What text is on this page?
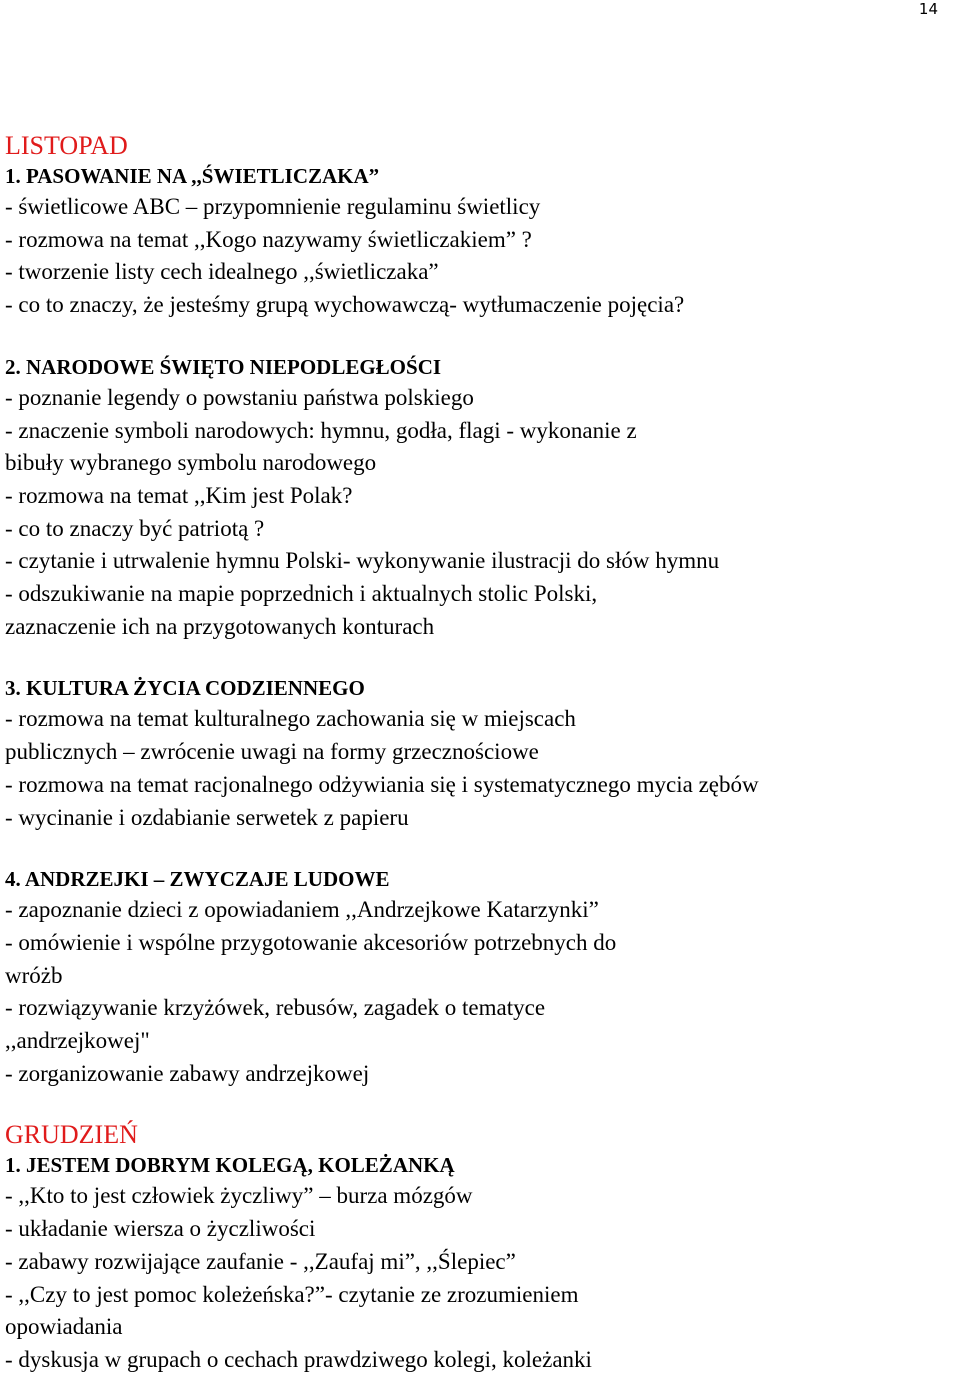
14
LISTOPAD
1. PASOWANIE NA ,,ŚWIETLICZAKA”
- świetlicowe ABC – przypomnienie regulaminu świetlicy
- rozmowa na temat ,,Kogo nazywamy świetliczakiem” ?
- tworzenie listy cech idealnego ,,świetliczaka”
- co to znaczy, że jesteśmy grupą wychowawczą- wytłumaczenie pojęcia?
2. NARODOWE ŚWIĘTO NIEPODLEGŁOŚCI
- poznanie legendy o powstaniu państwa polskiego
- znaczenie symboli narodowych: hymnu, godła, flagi - wykonanie z
bibuły wybranego symbolu narodowego
- rozmowa na temat ,,Kim jest Polak?
- co to znaczy być patriotą ?
- czytanie i utrwalenie hymnu Polski- wykonywanie ilustracji do słów hymnu
- odszukiwanie na mapie poprzednich i aktualnych stolic Polski,
zaznaczenie ich na przygotowanych konturach
3. KULTURA ŻYCIA CODZIENNEGO
- rozmowa na temat kulturalnego zachowania się w miejscach
publicznych – zwrócenie uwagi na formy grzecznościowe
- rozmowa na temat racjonalnego odżywiania się i systematycznego mycia zębów
- wycinanie i ozdabianie serwetek z papieru
4. ANDRZEJKI – ZWYCZAJE LUDOWE
- zapoznanie dzieci z opowiadaniem ,,Andrzejkowe Katarzynki”
- omówienie i wspólne przygotowanie akcesoriów potrzebnych do
wróżb
- rozwiązywanie krzyżówek, rebusów, zagadek o tematyce
,,andrzejkowej"
- zorganizowanie zabawy andrzejkowej
GRUDZIEŃ
1. JESTEM DOBRYM KOLEGĄ, KOLEŻANKĄ
- ,,Kto to jest człowiek życzliwy” – burza mózgów
- układanie wiersza o życzliwości
- zabawy rozwijające zaufanie - ,,Zaufaj mi”, ,,Ślepiec”
- ,,Czy to jest pomoc koleżeńska?”- czytanie ze zrozumieniem
opowiadania
- dyskusja w grupach o cechach prawdziwego kolegi, koleżanki
